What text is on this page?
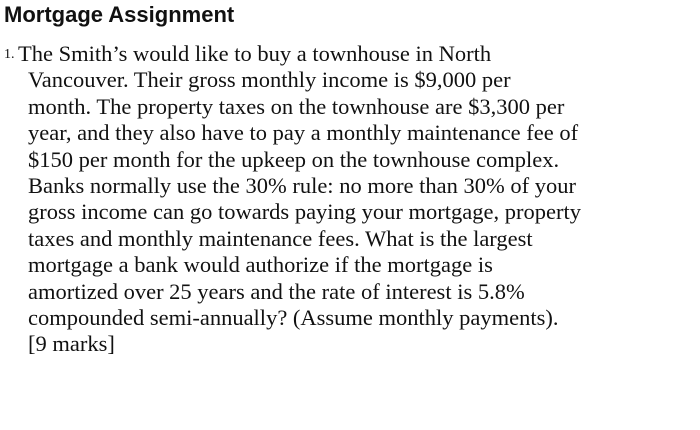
Mortgage Assignment
1. The Smith’s would like to buy a townhouse in North
Vancouver. Their gross monthly income is $9,000 per
month. The property taxes on the townhouse are $3,300 per
year, and they also have to pay a monthly maintenance fee of
$150 per month for the upkeep on the townhouse complex.
Banks normally use the 30% rule: no more than 30% of your
gross income can go towards paying your mortgage, property
taxes and monthly maintenance fees. What is the largest
mortgage a bank would authorize if the mortgage is
amortized over 25 years and the rate of interest is 5.8%
compounded semi-annually? (Assume monthly payments).
[9 marks]
